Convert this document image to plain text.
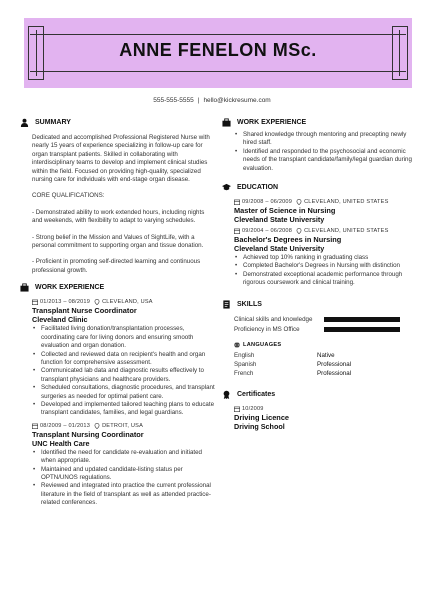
ANNE FENELON MSc.
555-555-5555 | hello@kickresume.com
SUMMARY

Dedicated and accomplished Professional Registered Nurse with nearly 15 years of experience specializing in follow-up care for organ transplant patients. Skilled in collaborating with interdisciplinary teams to develop and implement clinical studies within the field. Focused on providing high-quality, specialized nursing care for individuals with end-stage organ disease.

CORE QUALIFICATIONS:

- Demonstrated ability to work extended hours, including nights and weekends, with flexibility to adapt to varying schedules.

- Strong belief in the Mission and Values of SightLife, with a personal commitment to supporting organ and tissue donation.

- Proficient in promoting self-directed learning and continuous professional growth.

WORK EXPERIENCE
01/2013 – 08/2019 CLEVELAND, USA
Transplant Nurse Coordinator
Cleveland Clinic
• Facilitated living donation/transplantation processes, coordinating care for living donors and ensuring smooth evaluation and organ donation.
• Collected and reviewed data on recipient's health and organ function for comprehensive assessment.
• Communicated lab data and diagnostic results effectively to transplant physicians and healthcare providers.
• Scheduled consultations, diagnostic procedures, and transplant surgeries as needed for optimal patient care.
• Developed and implemented tailored teaching plans to educate transplant candidates, families, and legal guardians.
08/2009 – 01/2013 DETROIT, USA
Transplant Nursing Coordinator
UNC Health Care
• Identified the need for candidate re-evaluation and initiated when appropriate.
• Maintained and updated candidate-listing status per OPTN/UNOS regulations.
• Reviewed and integrated into practice the current professional literature in the field of transplant as well as attended practice-related conferences.
WORK EXPERIENCE
• Shared knowledge through mentoring and precepting newly hired staff.
• Identified and responded to the psychosocial and economic needs of the transplant candidate/family/legal guardian during evaluation.
EDUCATION
09/2008 – 06/2009 CLEVELAND, UNITED STATES
Master of Science in Nursing
Cleveland State University
09/2004 – 06/2008 CLEVELAND, UNITED STATES
Bachelor's Degrees in Nursing
Cleveland State University
• Achieved top 10% ranking in graduating class
• Completed Bachelor's Degrees in Nursing with distinction
• Demonstrated exceptional academic performance through rigorous coursework and clinical training.
SKILLS
Clinical skills and knowledge
Proficiency in MS Office
LANGUAGES
English	Native
Spanish	Professional
French	Professional
Certificates
10/2009
Driving Licence
Driving School
